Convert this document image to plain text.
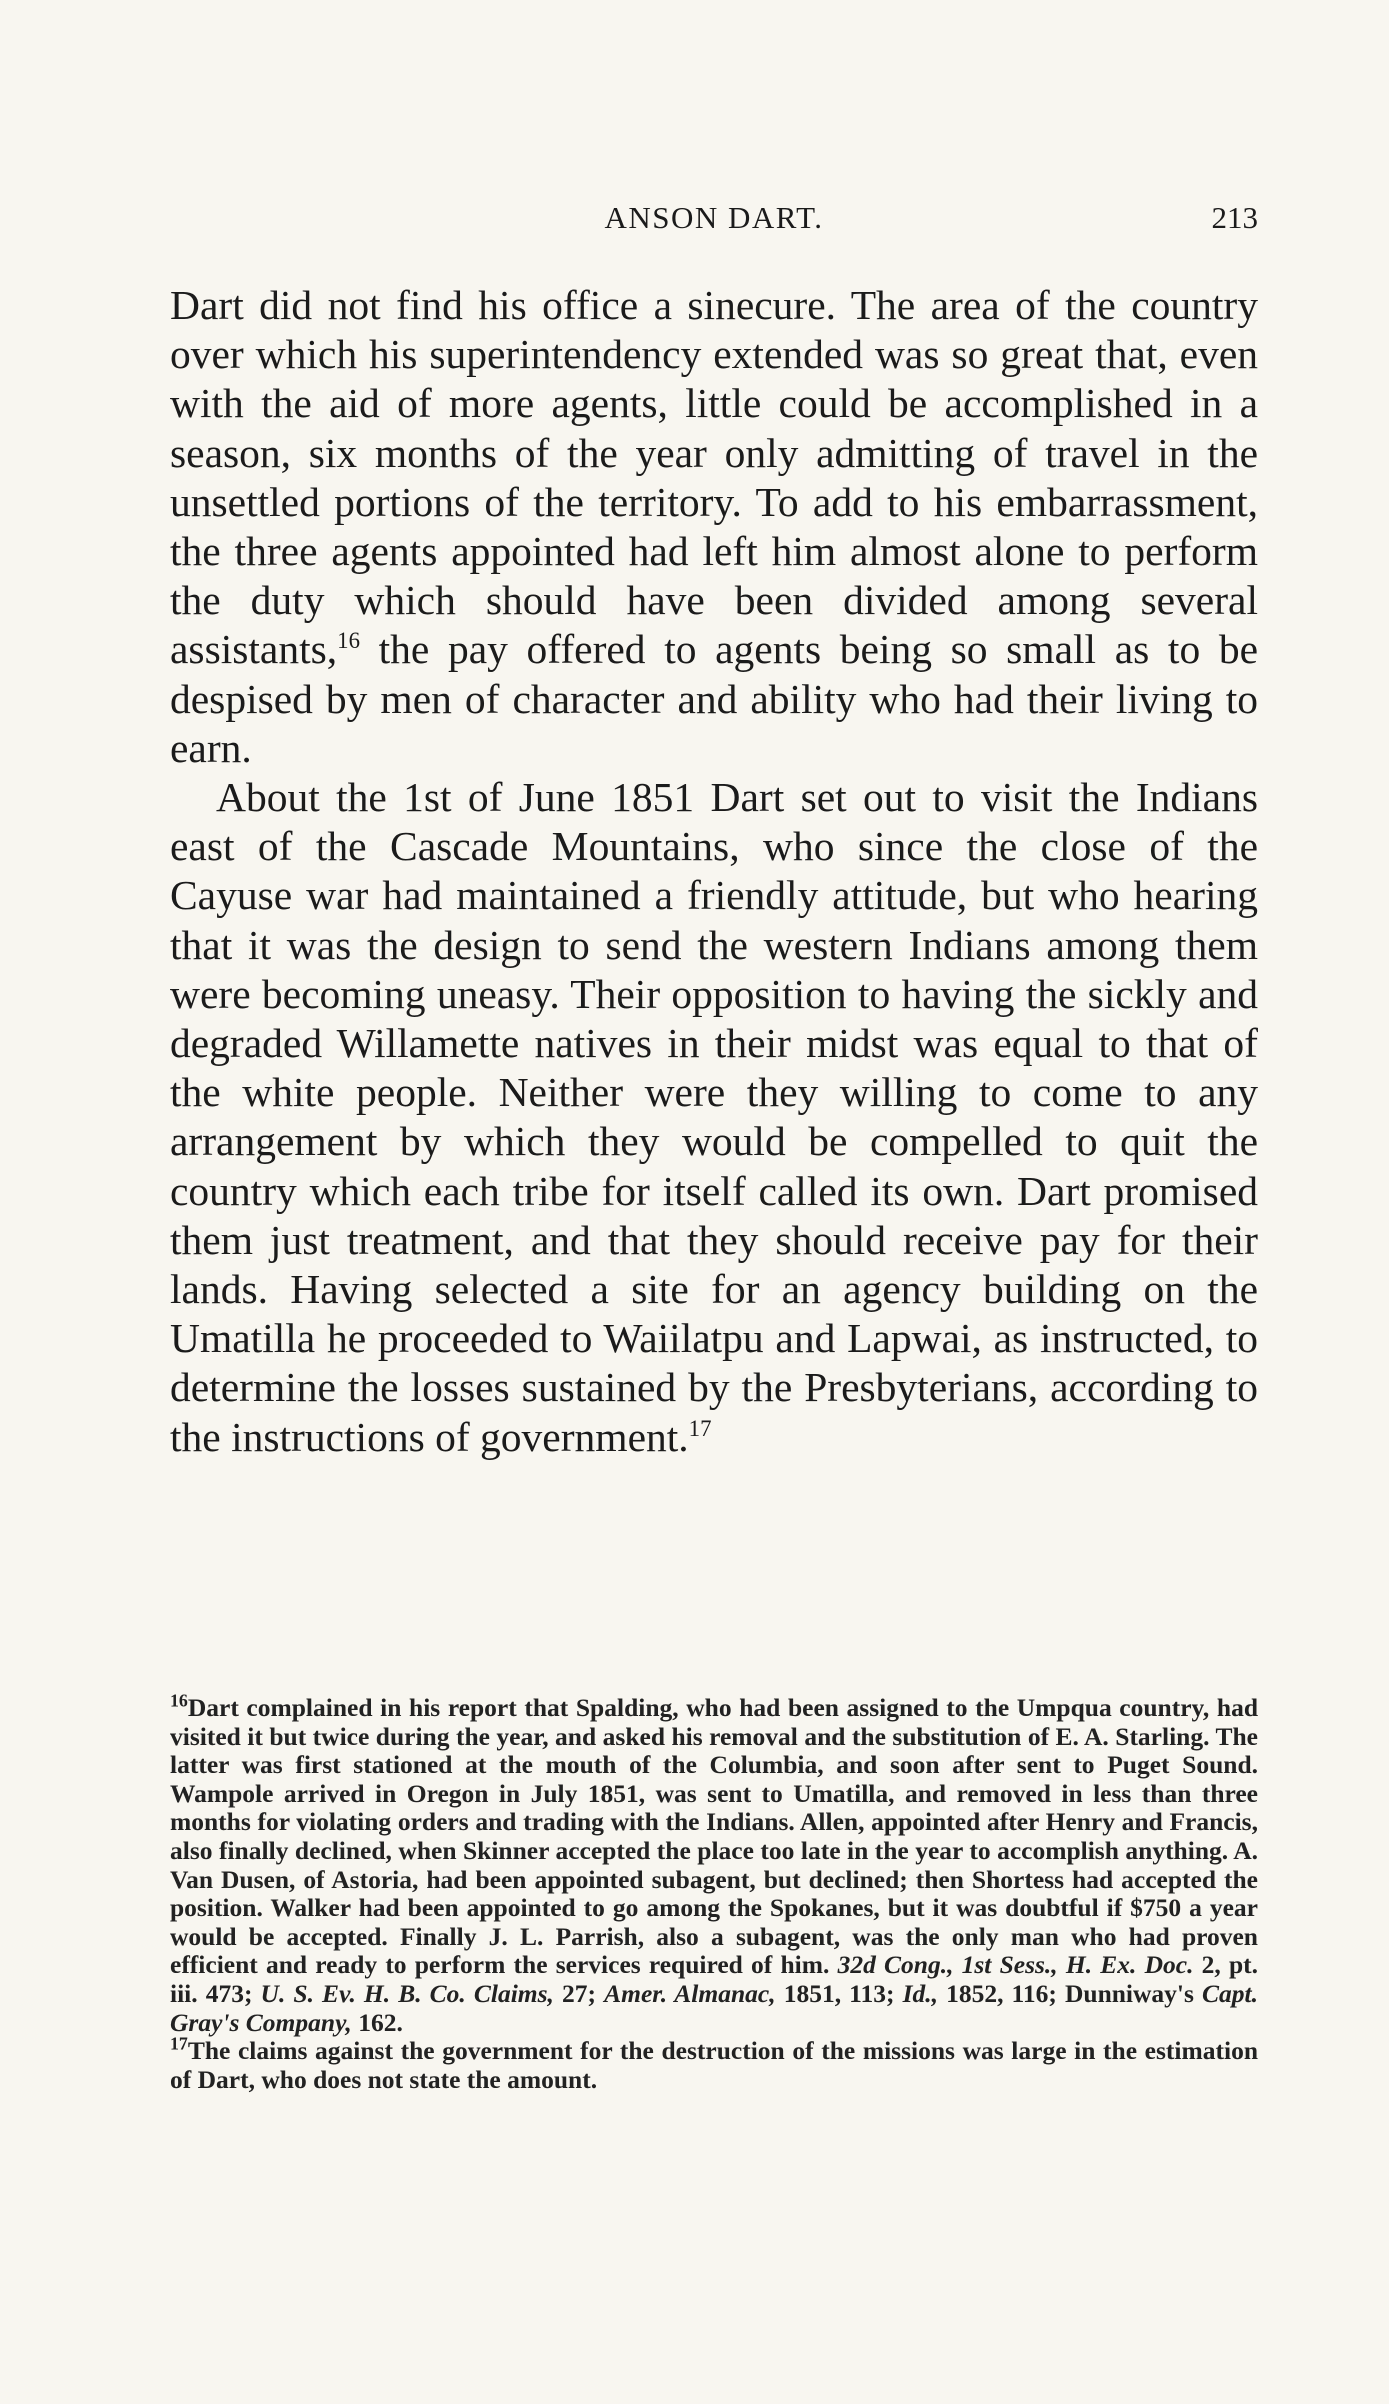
ANSON DART.	213

Dart did not find his office a sinecure. The area of the country over which his superintendency extended was so great that, even with the aid of more agents, little could be accomplished in a season, six months of the year only admitting of travel in the unsettled portions of the territory. To add to his embarrassment, the three agents appointed had left him almost alone to perform the duty which should have been divided among several assistants,$^{16}$ the pay offered to agents being so small as to be despised by men of character and ability who had their living to earn.

About the 1st of June 1851 Dart set out to visit the Indians east of the Cascade Mountains, who since the close of the Cayuse war had maintained a friendly attitude, but who hearing that it was the design to send the western Indians among them were becoming uneasy. Their opposition to having the sickly and degraded Willamette natives in their midst was equal to that of the white people. Neither were they willing to come to any arrangement by which they would be compelled to quit the country which each tribe for itself called its own. Dart promised them just treatment, and that they should receive pay for their lands. Having selected a site for an agency building on the Umatilla he proceeded to Waiilatpu and Lapwai, as instructed, to determine the losses sustained by the Presbyterians, according to the instructions of government.$^{17}$

$^{16}$Dart complained in his report that Spalding, who had been assigned to the Umpqua country, had visited it but twice during the year, and asked his removal and the substitution of E. A. Starling. The latter was first stationed at the mouth of the Columbia, and soon after sent to Puget Sound. Wampole arrived in Oregon in July 1851, was sent to Umatilla, and removed in less than three months for violating orders and trading with the Indians. Allen, appointed after Henry and Francis, also finally declined, when Skinner accepted the place too late in the year to accomplish anything. A. Van Dusen, of Astoria, had been appointed subagent, but declined; then Shortess had accepted the position. Walker had been appointed to go among the Spokanes, but it was doubtful if $750 a year would be accepted. Finally J. L. Parrish, also a subagent, was the only man who had proven efficient and ready to perform the services required of him. 32d Cong., 1st Sess., H. Ex. Doc. 2, pt. iii. 473; U. S. Ev. H. B. Co. Claims, 27; Amer. Almanac, 1851, 113; Id., 1852, 116; Dunniway's Capt. Gray's Company, 162.

$^{17}$The claims against the government for the destruction of the missions was large in the estimation of Dart, who does not state the amount.
